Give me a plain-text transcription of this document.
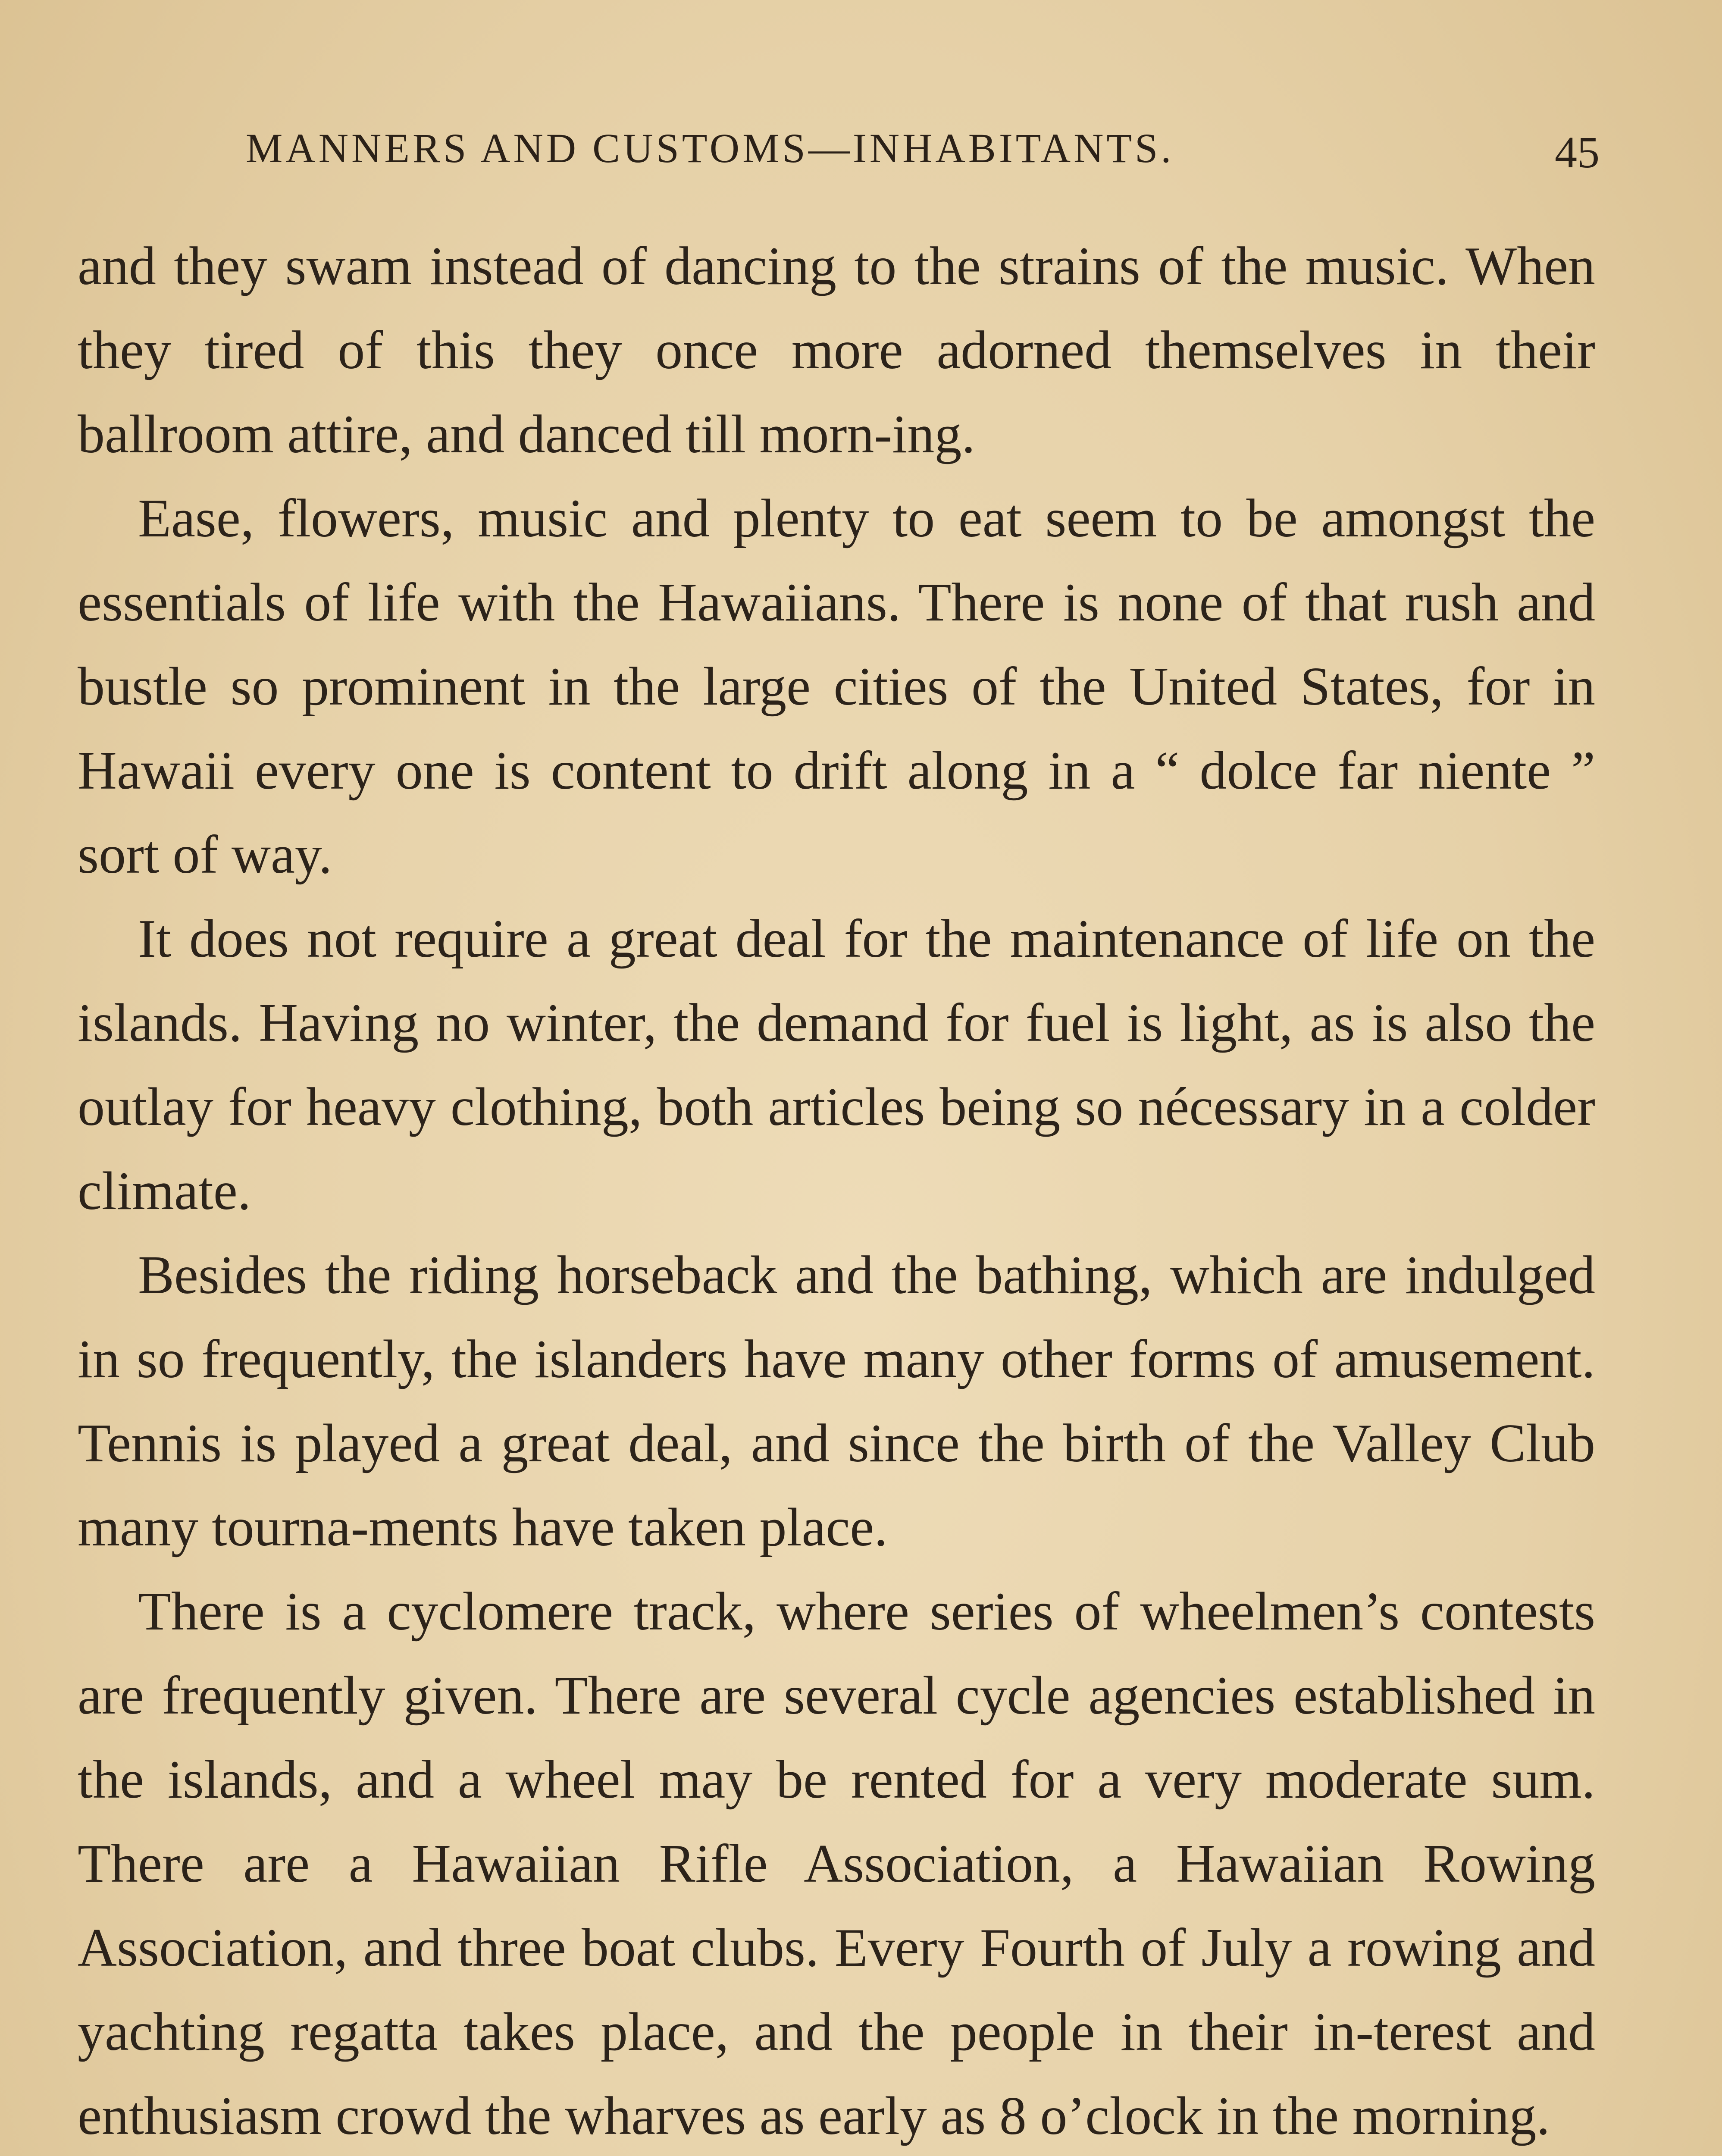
MANNERS AND CUSTOMS—INHABITANTS.	45

and they swam instead of dancing to the strains of the music. When they tired of this they once more adorned themselves in their ballroom attire, and danced till morn-ing.

Ease, flowers, music and plenty to eat seem to be amongst the essentials of life with the Hawaiians. There is none of that rush and bustle so prominent in the large cities of the United States, for in Hawaii every one is content to drift along in a “ dolce far niente ” sort of way.

It does not require a great deal for the maintenance of life on the islands. Having no winter, the demand for fuel is light, as is also the outlay for heavy clothing, both articles being so nécessary in a colder climate.

Besides the riding horseback and the bathing, which are indulged in so frequently, the islanders have many other forms of amusement. Tennis is played a great deal, and since the birth of the Valley Club many tourna-ments have taken place.

There is a cyclomere track, where series of wheelmen’s contests are frequently given. There are several cycle agencies established in the islands, and a wheel may be rented for a very moderate sum. There are a Hawaiian Rifle Association, a Hawaiian Rowing Association, and three boat clubs. Every Fourth of July a rowing and yachting regatta takes place, and the people in their in-terest and enthusiasm crowd the wharves as early as 8 o’clock in the morning.
